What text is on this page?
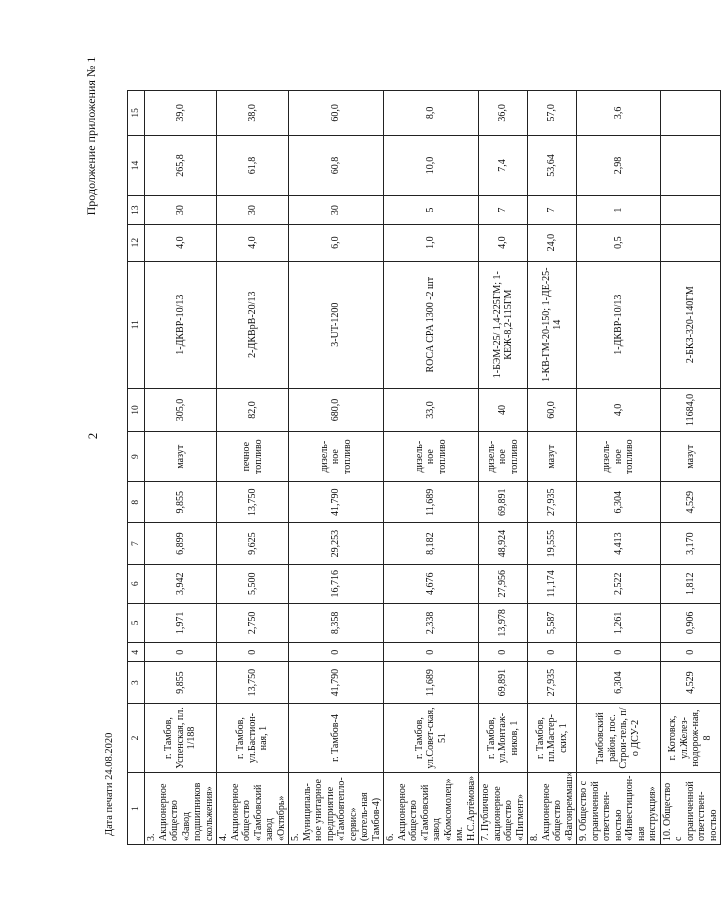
2
Продолжение приложения № 1
Дата печати 24.08.2020	1	2	3	4	5	6	7	8	9	10	11	12	13	14	15
3. Акционерное общество «Завод подшипников скольжения»	г. Тамбов, Успенская, пл. 1/188	9,855	0	1,971	3,942	6,899	9,855	мазут	305,0	1-ДКВР-10/13	4,0	30	265,8	39,0
4. Акционерное общество «Тамбовский завод «Октябрь»	г. Тамбов, ул.Бастион-ная, 1	13,750	0	2,750	5,500	9,625	13,750	печное топливо	82,0	2-ДКВрВ-20/13	4,0	30	61,8	38,0
5. Муниципаль-ное унитарное предприятие «Тамбовтепло-сервис» (котель-ная Тамбов-4)	г. Тамбов-4	41,790	0	8,358	16,716	29,253	41,790	дизель-ное топливо	680,0	3-UT-1200	6,0	30	60,8	60,0
6. Акционерное общество «Тамбовский завод «Комсомолец» им. Н.С.Артёмова»	г. Тамбов, ул.Совет-ская, 51	11,689	0	2,338	4,676	8,182	11,689	дизель-ное топливо	33,0	ROCA CPA 1300 -2 шт	1,0	5	10,0	8,0
7. Публичное акционерное общество «Пигмент»	г. Тамбов, ул.Монтаж-ников, 1	69,891	0	13,978	27,956	48,924	69,891	дизель-ное топливо	40	1-БЭМ-25/ 1,4-225ГМ; 1-КЕЖ-8,2-115ГМ	4,0	7	7,4	36,0
8. Акционерное общество «Вагонреммаш»	г. Тамбов, пл.Мастер-ских, 1	27,935	0	5,587	11,174	19,555	27,935	мазут	60,0	1-КВ-ГМ-20-150; 1-ДЕ-25-14	24,0	7	53,64	57,0
9. Общество с ограниченной ответствен-ностью «Инвестицион-ная инструкция»	Тамбовский район, пос. Строи-тель, п/о ДСУ-2	6,304	0	1,261	2,522	4,413	6,304	дизель-ное топливо	4,0	1-ДКВР-10/13	0,5	1	2,98	3,6
10. Общество с ограниченной ответствен-ностью	г. Котовск, ул.Желез-нодорож-ная, 8	4,529	0	0,906	1,812	3,170	4,529	мазут	11684,0	2-БКЗ-320-140ГМ				
